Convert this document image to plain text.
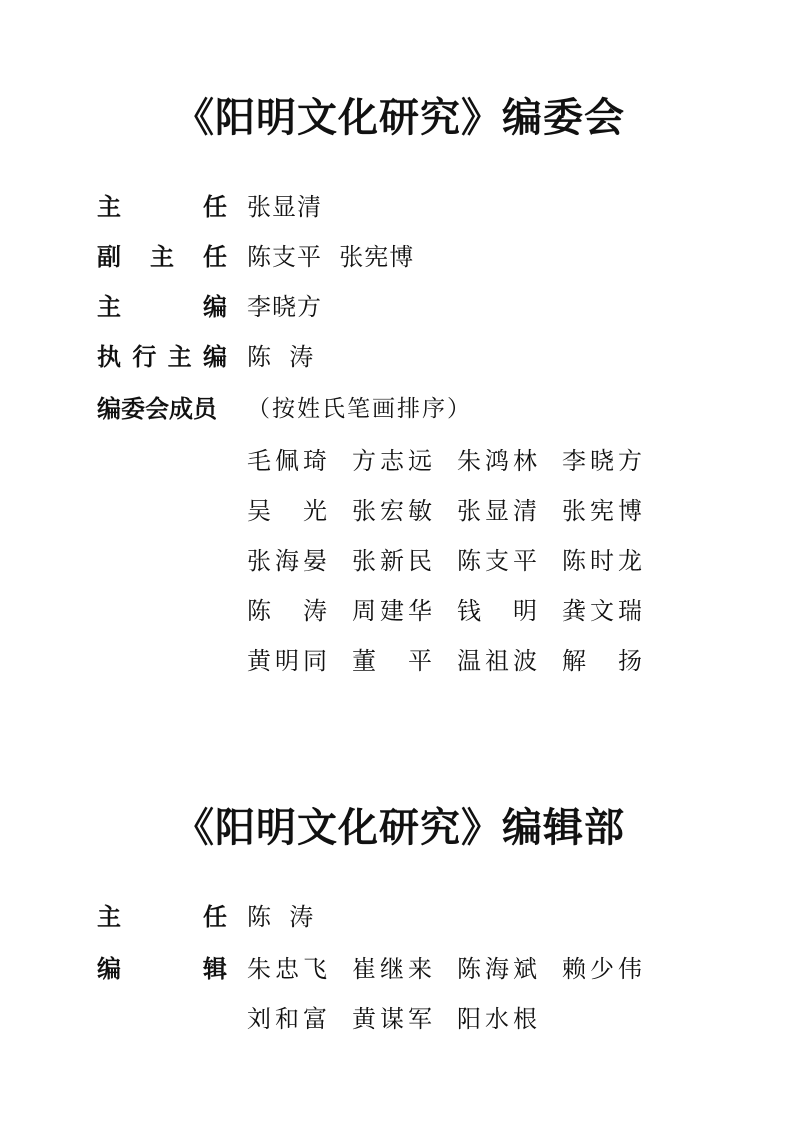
《阳明文化研究》编委会
主任 张显清
副主任 陈支平  张宪博
主编 李晓方
执行主编 陈  涛
编委会成员	（按姓氏笔画排序）
毛佩琦 方志远 朱鸿林 李晓方
吴光 张宏敏 张显清 张宪博
张海晏 张新民 陈支平 陈时龙
陈涛 周建华 钱明 龚文瑞
黄明同 董平 温祖波 解扬
《阳明文化研究》编辑部
主任 陈  涛
编辑 朱忠飞 崔继来 陈海斌 赖少伟
刘和富 黄谋军 阳水根
